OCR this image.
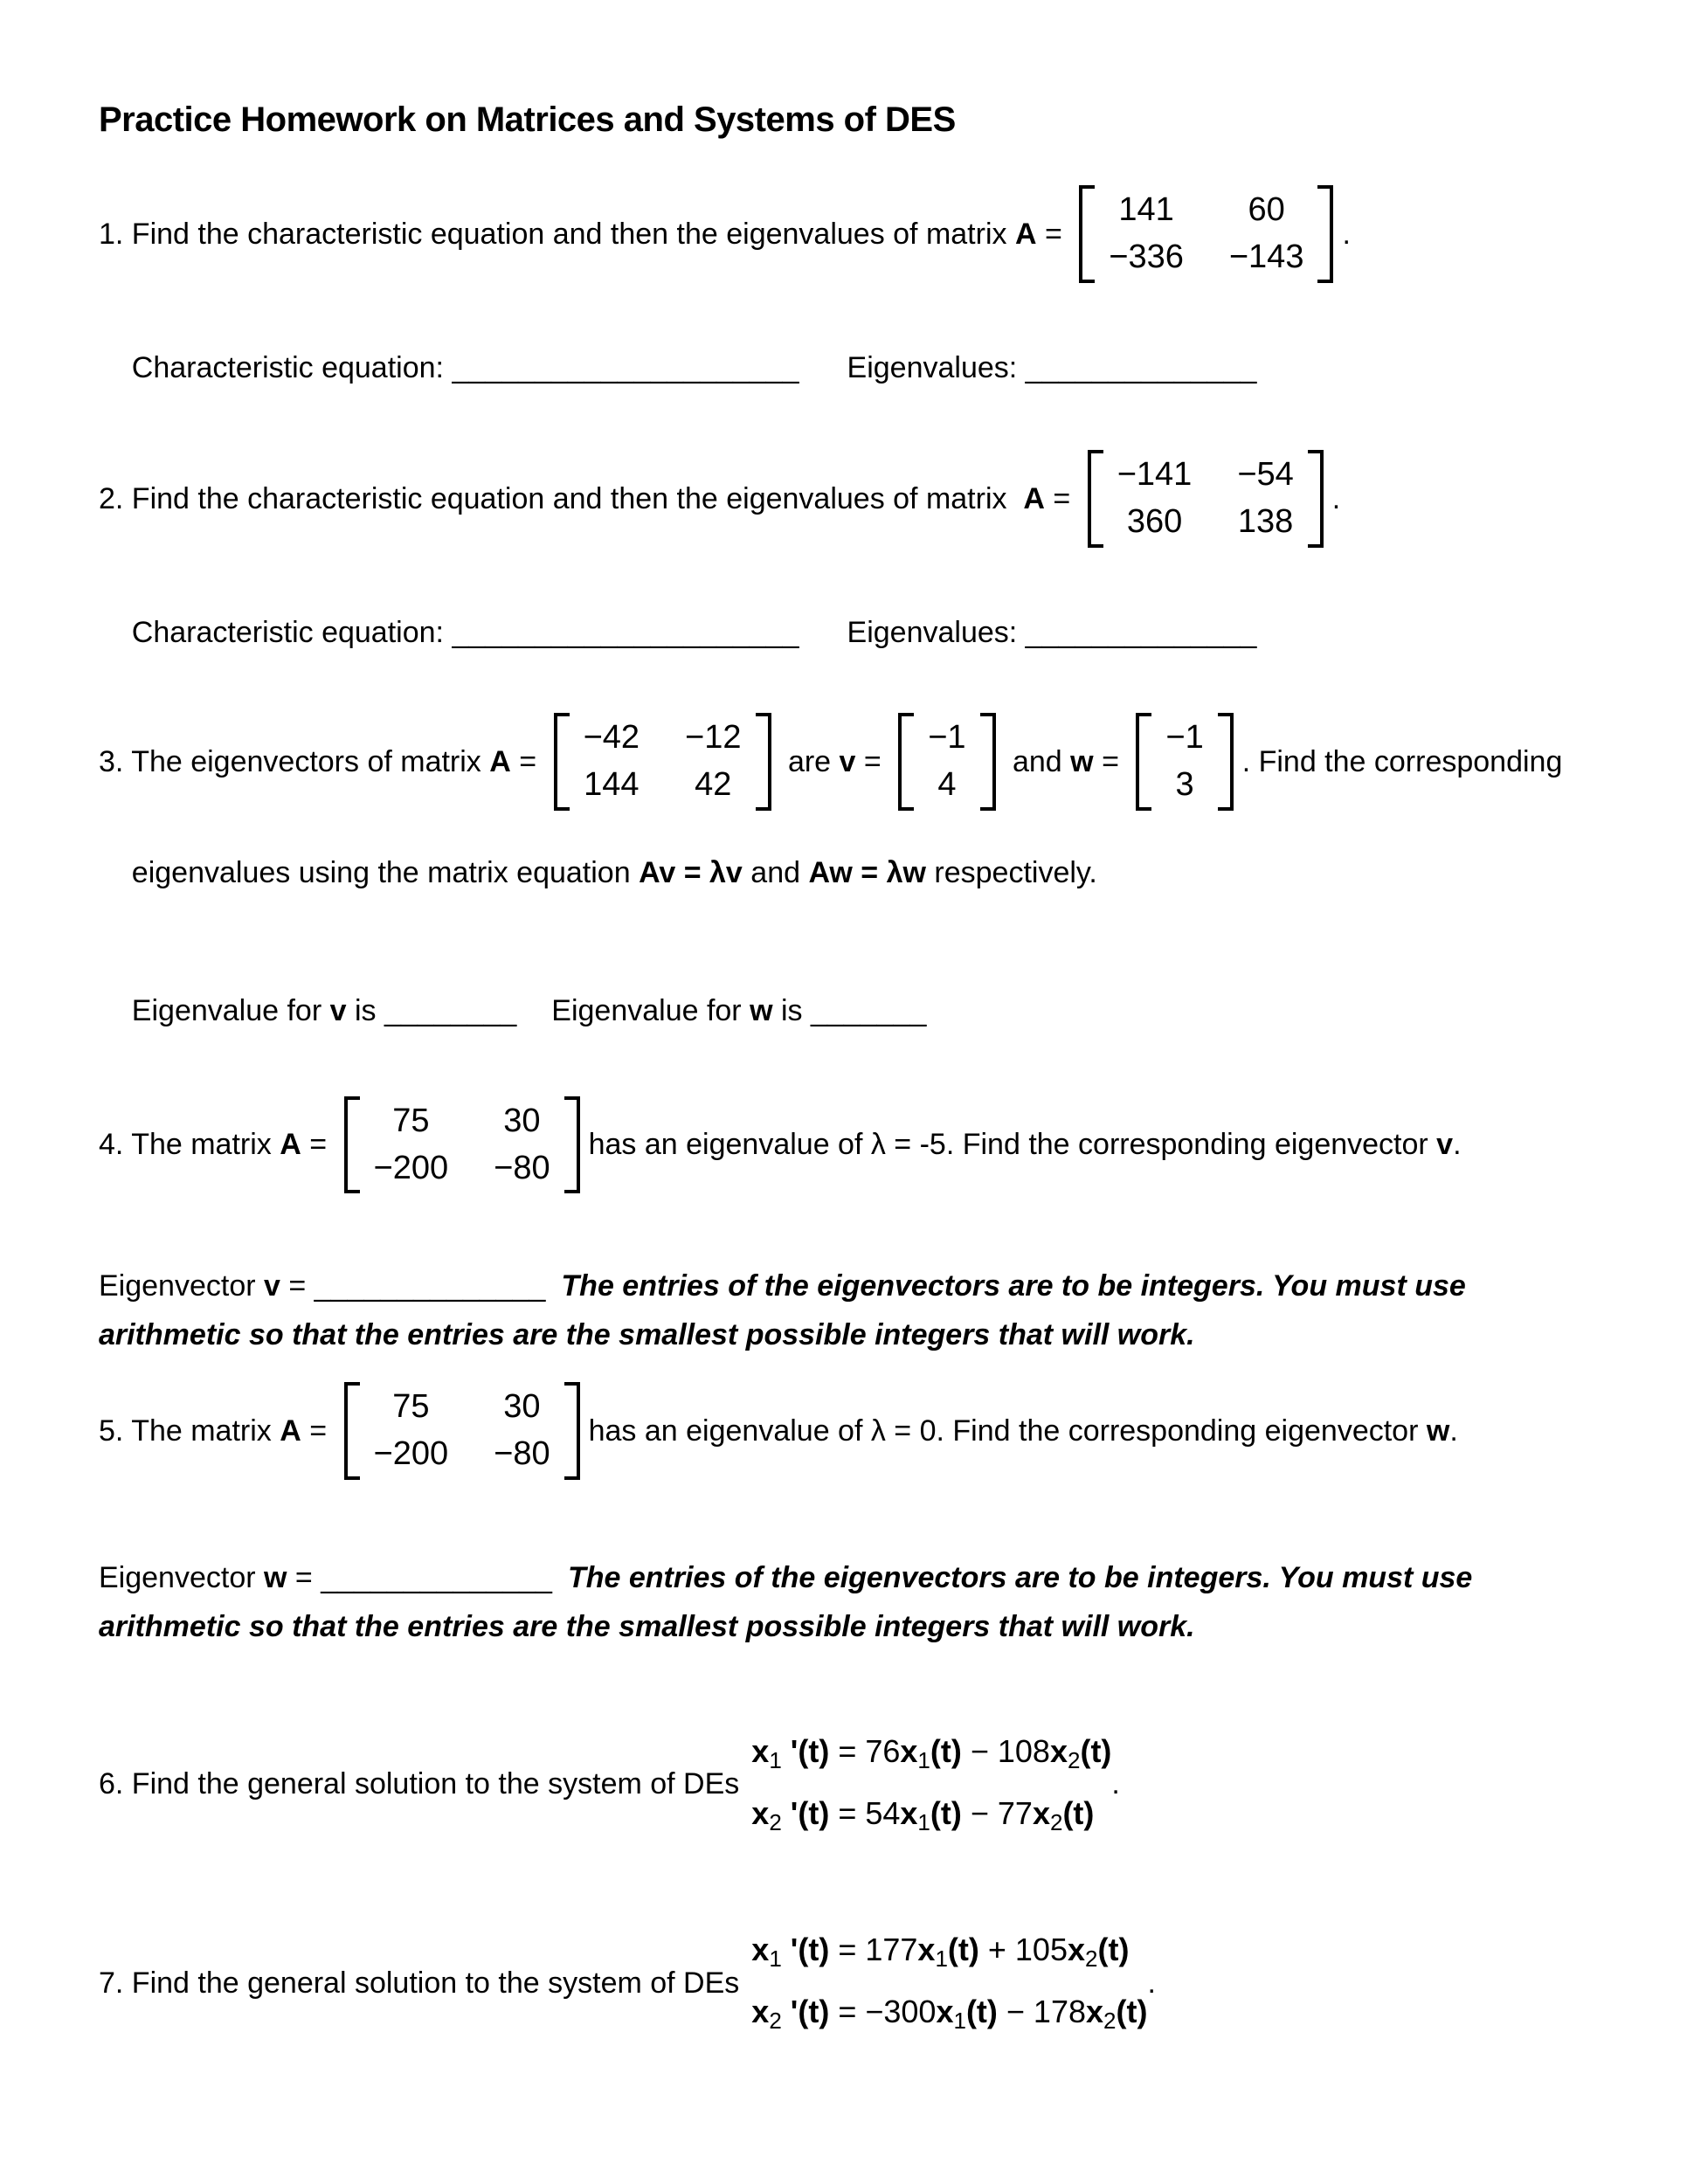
Practice Homework on Matrices and Systems of DES
1. Find the characteristic equation and then the eigenvalues of matrix A =
141 60
−336 −143
.

Characteristic equation: _____________________ Eigenvalues: ______________

2. Find the characteristic equation and then the eigenvalues of matrix A =
−141 −54
360 138
.

Characteristic equation: _____________________ Eigenvalues: ______________

3. The eigenvectors of matrix A =
−42 −12
144 42
are v =
−1
4
and w =
−1
3
. Find the corresponding

eigenvalues using the matrix equation Av = λv and Aw = λw respectively.

Eigenvalue for v is ________ Eigenvalue for w is _______

4. The matrix A =
75 30
−200 −80
has an eigenvalue of λ = -5. Find the corresponding eigenvector v .
Eigenvector v = ______________ The entries of the eigenvectors are to be integers. You must use arithmetic so that the entries are the smallest possible integers that will work.
5. The matrix A =
75 30
−200 −80
has an eigenvalue of λ = 0. Find the corresponding eigenvector w .
Eigenvector w = ______________ The entries of the eigenvectors are to be integers. You must use arithmetic so that the entries are the smallest possible integers that will work.
6. Find the general solution to the system of DEs
x1 '(t) = 76x1(t) − 108x2(t)
x2 '(t) = 54x1(t) − 77x2(t)
.
7. Find the general solution to the system of DEs
x1 '(t) = 177x1(t) + 105x2(t)
x2 '(t) = −300x1(t) − 178x2(t)
.
